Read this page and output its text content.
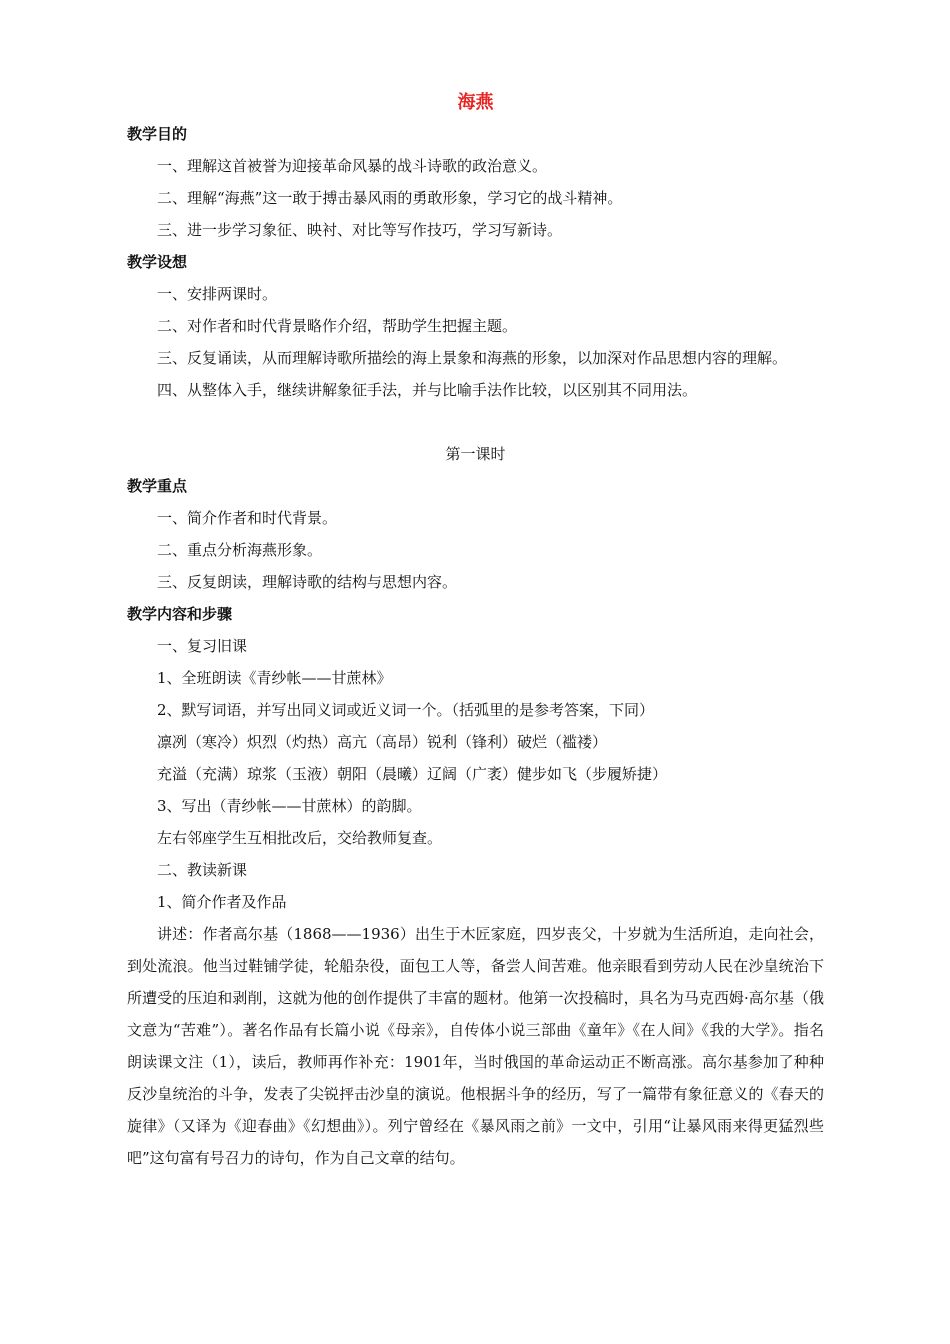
海燕
教学目的

一、理解这首被誉为迎接革命风暴的战斗诗歌的政治意义。

二、理解“海燕”这一敢于搏击暴风雨的勇敢形象，学习它的战斗精神。

三、进一步学习象征、映衬、对比等写作技巧，学习写新诗。

教学设想

一、安排两课时。

二、对作者和时代背景略作介绍，帮助学生把握主题。

三、反复诵读，从而理解诗歌所描绘的海上景象和海燕的形象，以加深对作品思想内容的理解。

四、从整体入手，继续讲解象征手法，并与比喻手法作比较，以区别其不同用法。

第一课时

教学重点

一、简介作者和时代背景。

二、重点分析海燕形象。

三、反复朗读，理解诗歌的结构与思想内容。

教学内容和步骤

一、复习旧课

1、全班朗读《青纱帐——甘蔗林》

2、默写词语，并写出同义词或近义词一个。（括弧里的是参考答案，下同）

凛冽（寒冷）炽烈（灼热）高亢（高昂）锐利（锋利）破烂（褴褛）

充溢（充满）琼浆（玉液）朝阳（晨曦）辽阔（广袤）健步如飞（步履矫捷）

3、写出（青纱帐——甘蔗林）的韵脚。

左右邻座学生互相批改后，交给教师复查。

二、教读新课

1、简介作者及作品

讲述：作者高尔基（1868——1936）出生于木匠家庭，四岁丧父，十岁就为生活所迫，走向社会，到处流浪。他当过鞋铺学徒，轮船杂役，面包工人等，备尝人间苦难。他亲眼看到劳动人民在沙皇统治下所遭受的压迫和剥削，这就为他的创作提供了丰富的题材。他第一次投稿时，具名为马克西姆·高尔基（俄文意为“苦难”）。著名作品有长篇小说《母亲》，自传体小说三部曲《童年》《在人间》《我的大学》。指名朗读课文注（1），读后，教师再作补充：1901年，当时俄国的革命运动正不断高涨。高尔基参加了种种反沙皇统治的斗争，发表了尖锐抨击沙皇的演说。他根据斗争的经历，写了一篇带有象征意义的《春天的旋律》（又译为《迎春曲》《幻想曲》）。列宁曾经在《暴风雨之前》一文中，引用“让暴风雨来得更猛烈些吧”这句富有号召力的诗句，作为自己文章的结句。
